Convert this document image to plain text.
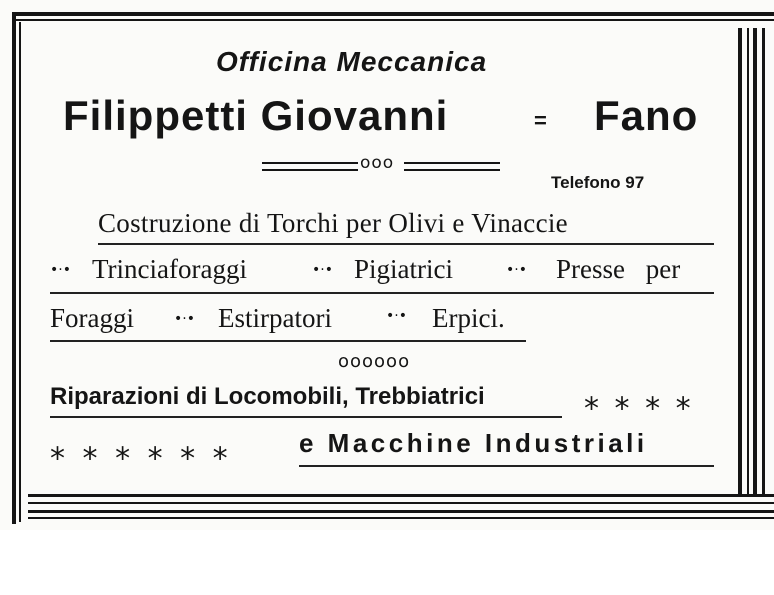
Officina Meccanica
Filippetti Giovanni	= Fano
ooo
Telefono 97
Costruzione di Torchi per Olivi e Vinaccie
•·• Trinciaforaggi	•·• Pigiatrici	•·• Presse per
Foraggi	•·• Estirpatori	•·• Erpici.
oooooo
Riparazioni di Locomobili, Trebbiatrici	⁎ ⁎ ⁎ ⁎
⁎ ⁎ ⁎ ⁎ ⁎ ⁎	e Macchine Industriali
